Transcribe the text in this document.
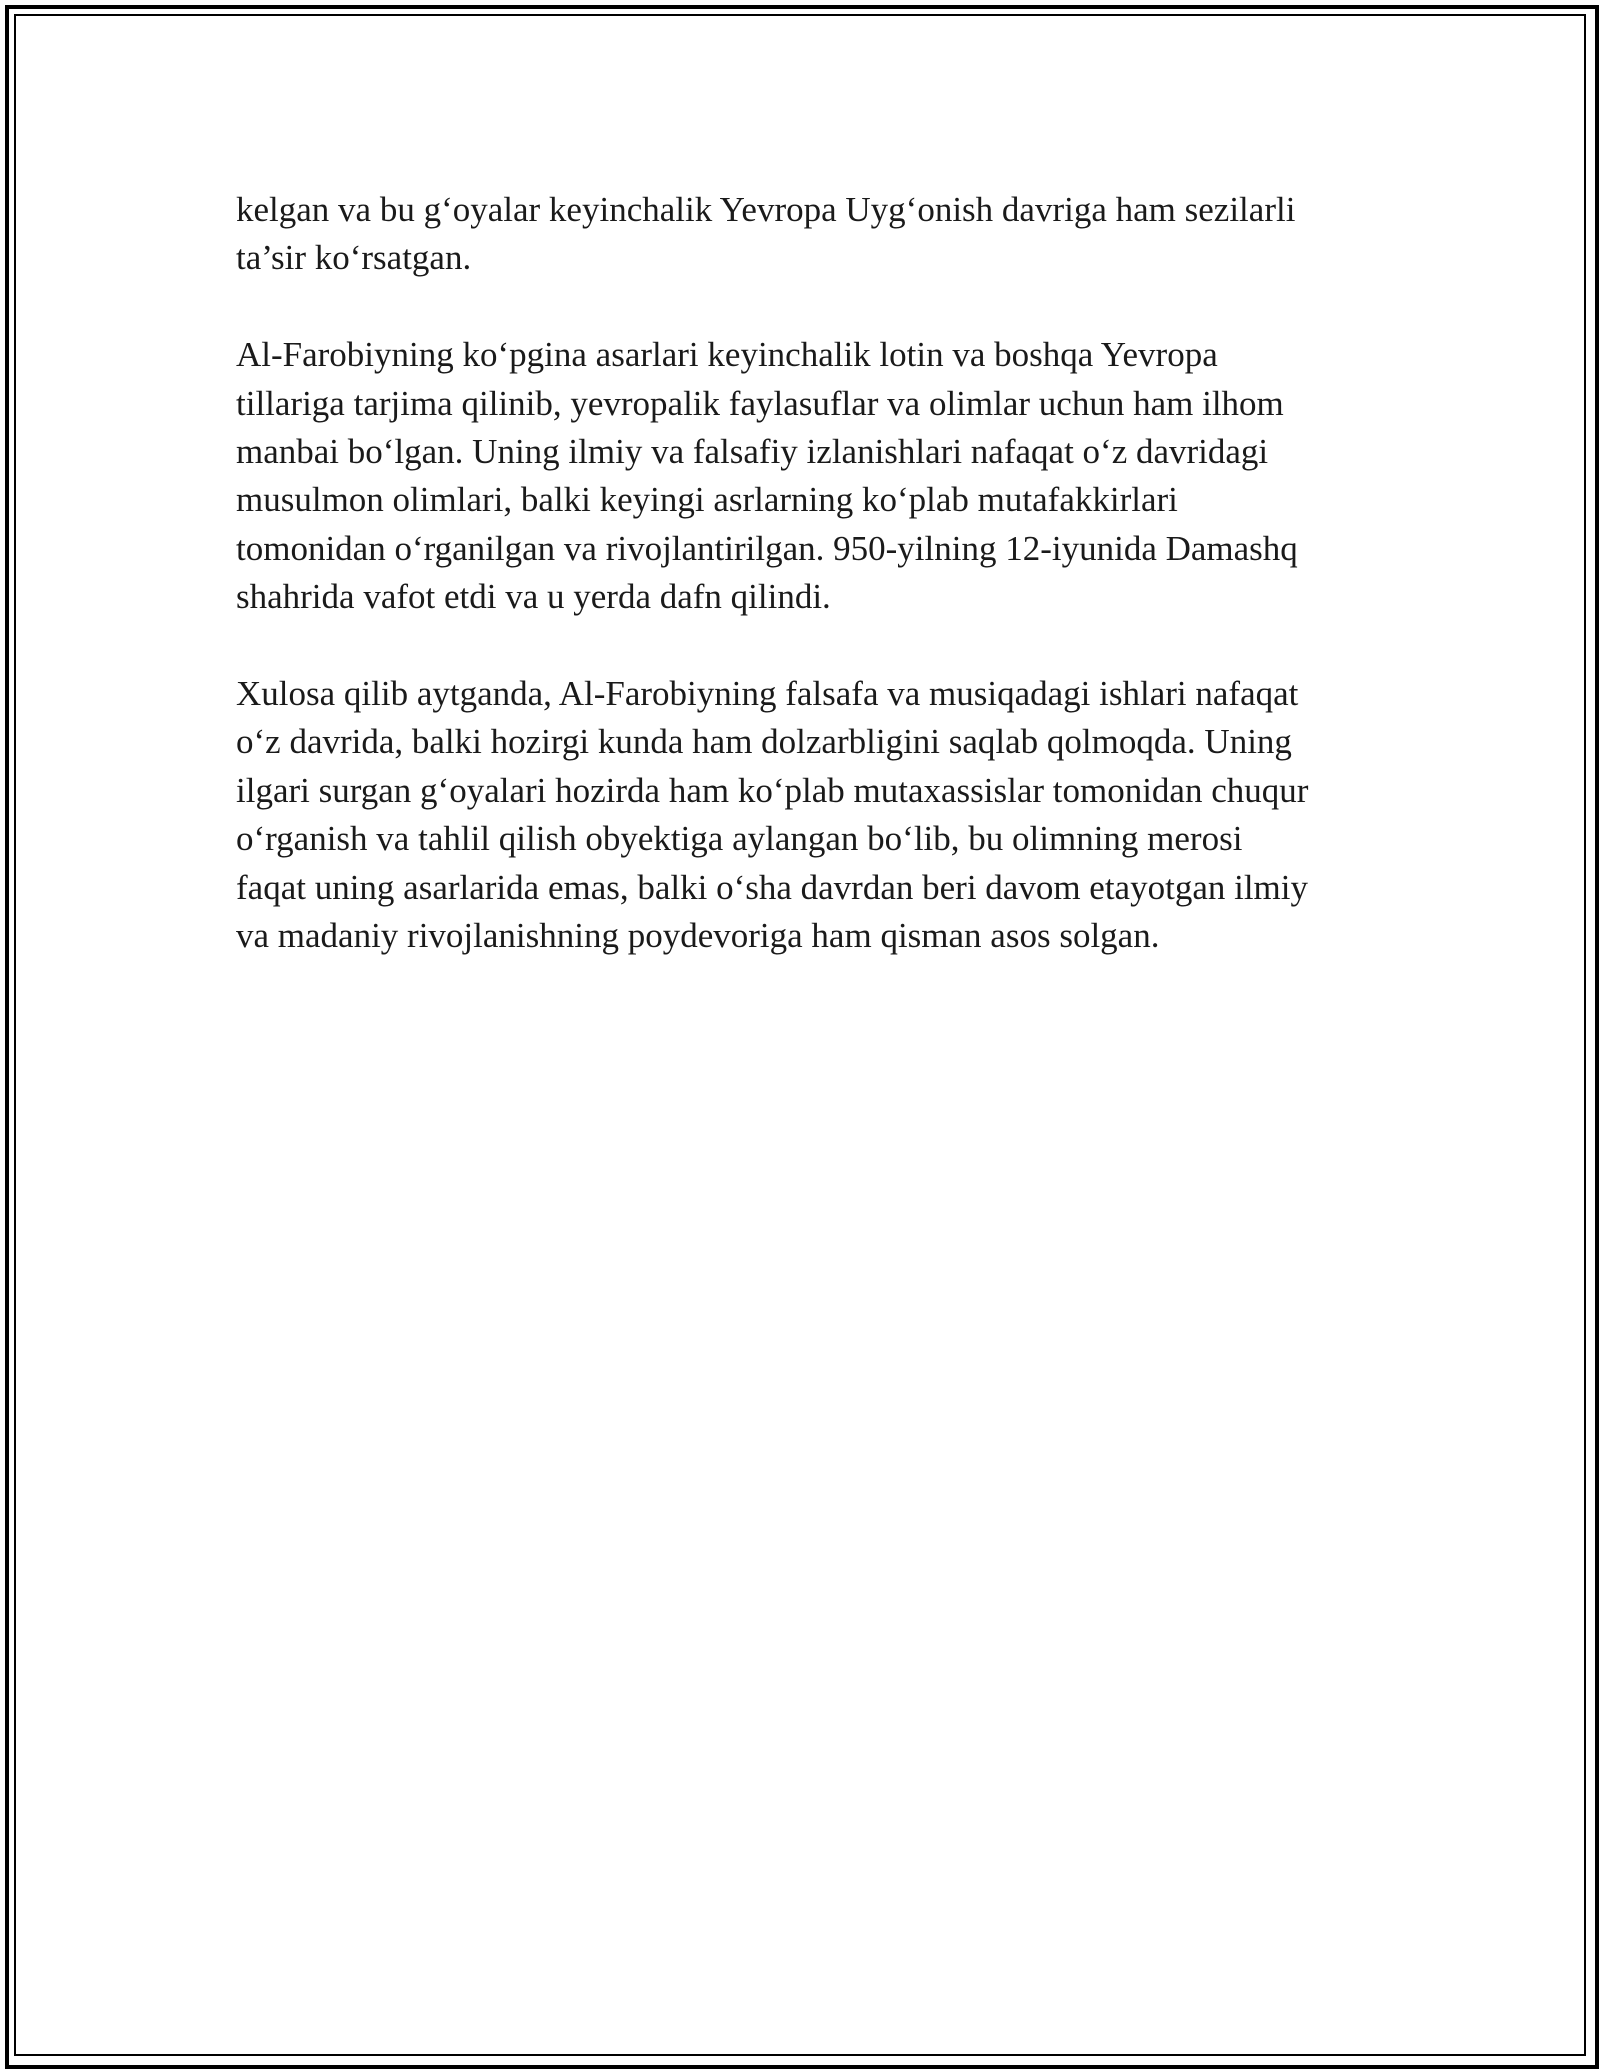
kelgan va bu g‘oyalar keyinchalik Yevropa Uyg‘onish davriga ham sezilarli
ta’sir ko‘rsatgan.

Al-Farobiyning ko‘pgina asarlari keyinchalik lotin va boshqa Yevropa
tillariga tarjima qilinib, yevropalik faylasuflar va olimlar uchun ham ilhom
manbai bo‘lgan. Uning ilmiy va falsafiy izlanishlari nafaqat o‘z davridagi
musulmon olimlari, balki keyingi asrlarning ko‘plab mutafakkirlari
tomonidan o‘rganilgan va rivojlantirilgan. 950-yilning 12-iyunida Damashq
shahrida vafot etdi va u yerda dafn qilindi.

Xulosa qilib aytganda, Al-Farobiyning falsafa va musiqadagi ishlari nafaqat
o‘z davrida, balki hozirgi kunda ham dolzarbligini saqlab qolmoqda. Uning
ilgari surgan g‘oyalari hozirda ham ko‘plab mutaxassislar tomonidan chuqur
o‘rganish va tahlil qilish obyektiga aylangan bo‘lib, bu olimning merosi
faqat uning asarlarida emas, balki o‘sha davrdan beri davom etayotgan ilmiy
va madaniy rivojlanishning poydevoriga ham qisman asos solgan.
